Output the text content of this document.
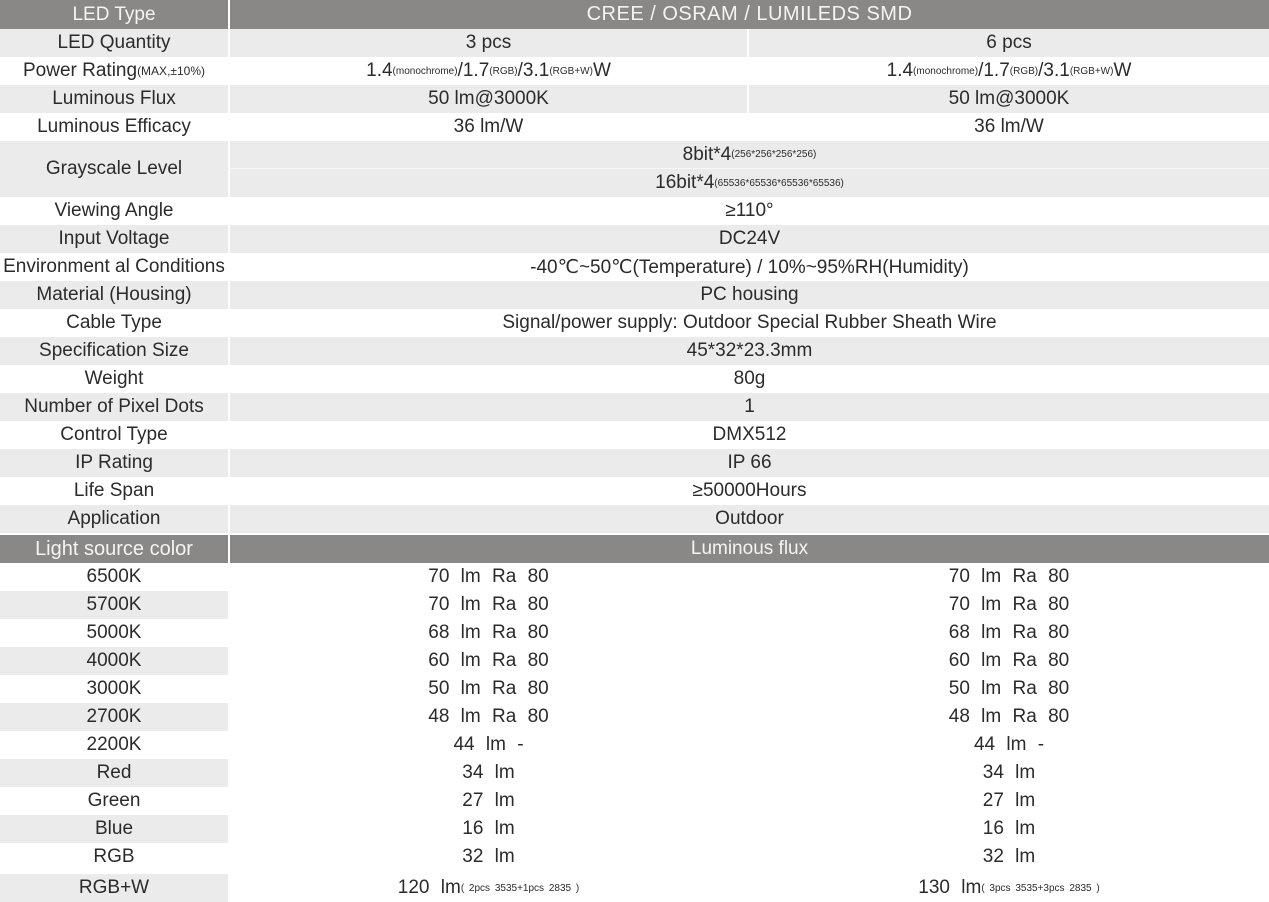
LED Type	CREE / OSRAM / LUMILEDS SMD
LED Quantity	3 pcs	6 pcs
Power Rating (MAX,±10%)	1.4 (monochrome) /1.7 (RGB) /3.1 (RGB+W) W	1.4 (monochrome) /1.7 (RGB) /3.1 (RGB+W) W
Luminous Flux	50 lm@3000K	50 lm@3000K
Luminous Efficacy	36 lm/W	36 lm/W
Grayscale Level
8bit*4 (256*256*256*256)
16bit*4 (65536*65536*65536*65536)
Viewing Angle	≥110°
Input Voltage	DC24V
Environment al Conditions	-40℃~50℃(Temperature) / 10%~95%RH(Humidity)
Material (Housing)	PC housing
Cable Type	Signal/power supply: Outdoor Special Rubber Sheath Wire
Specification Size	45*32*23.3mm
Weight	80g
Number of Pixel Dots	1
Control Type	DMX512
IP Rating	IP 66
Life Span	≥50000Hours
Application	Outdoor
Light source color	Luminous flux
6500K	70 lm Ra 80	70 lm Ra 80
5700K	70 lm Ra 80	70 lm Ra 80
5000K	68 lm Ra 80	68 lm Ra 80
4000K	60 lm Ra 80	60 lm Ra 80
3000K	50 lm Ra 80	50 lm Ra 80
2700K	48 lm Ra 80	48 lm Ra 80
2200K	44 lm -	44 lm -
Red	34 lm	34 lm
Green	27 lm	27 lm
Blue	16 lm	16 lm
RGB	32 lm	32 lm
RGB+W	120 lm ( 2pcs 3535+1pcs 2835 )	130 lm ( 3pcs 3535+3pcs 2835 )
